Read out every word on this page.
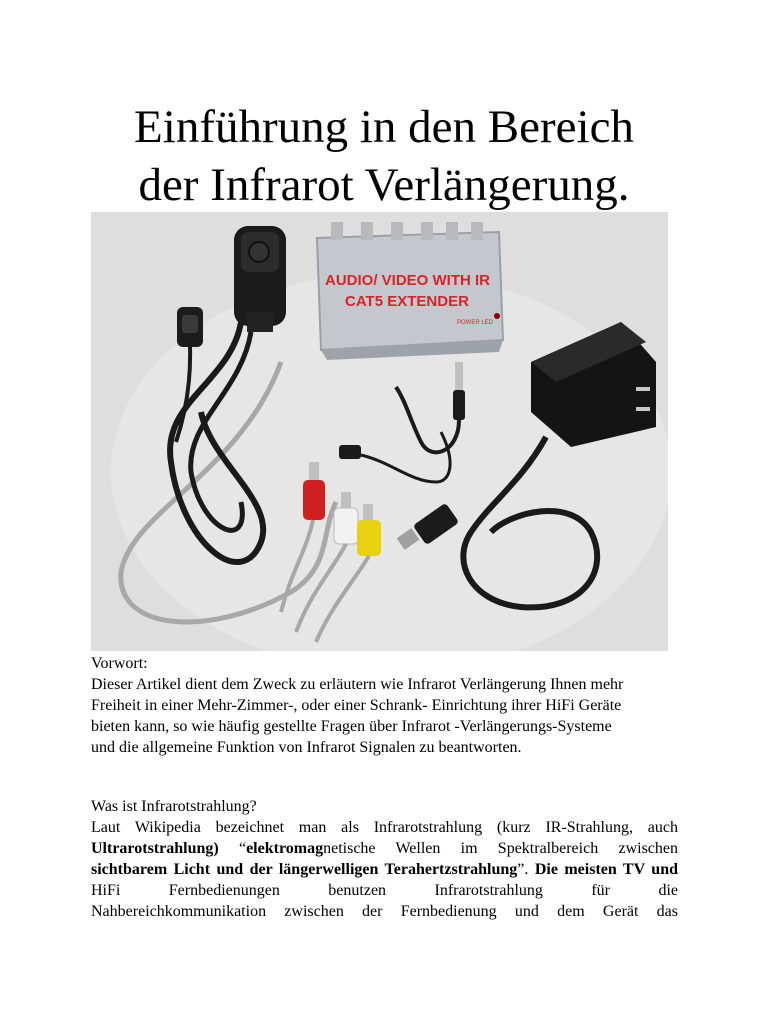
Einführung in den Bereich
der Infrarot Verlängerung.
AUDIO/ VIDEO WITH IR
CAT5 EXTENDER
POWER LED
Vorwort:
Dieser Artikel dient dem Zweck zu erläutern wie Infrarot Verlängerung Ihnen mehr
Freiheit in einer Mehr-Zimmer-, oder einer Schrank- Einrichtung ihrer HiFi Geräte
bieten kann, so wie häufig gestellte Fragen über Infrarot -Verlängerungs-Systeme
und die allgemeine Funktion von Infrarot Signalen zu beantworten.
Was ist Infrarotstrahlung?
Laut Wikipedia bezeichnet man als Infrarotstrahlung (kurz IR-Strahlung, auch
Ultrarotstrahlung) “elektromagnetische Wellen im Spektralbereich zwischen
sichtbarem Licht und der längerwelligen Terahertzstrahlung”. Die meisten TV und
HiFi Fernbedienungen benutzen Infrarotstrahlung für die
Nahbereichkommunikation zwischen der Fernbedienung und dem Gerät das
